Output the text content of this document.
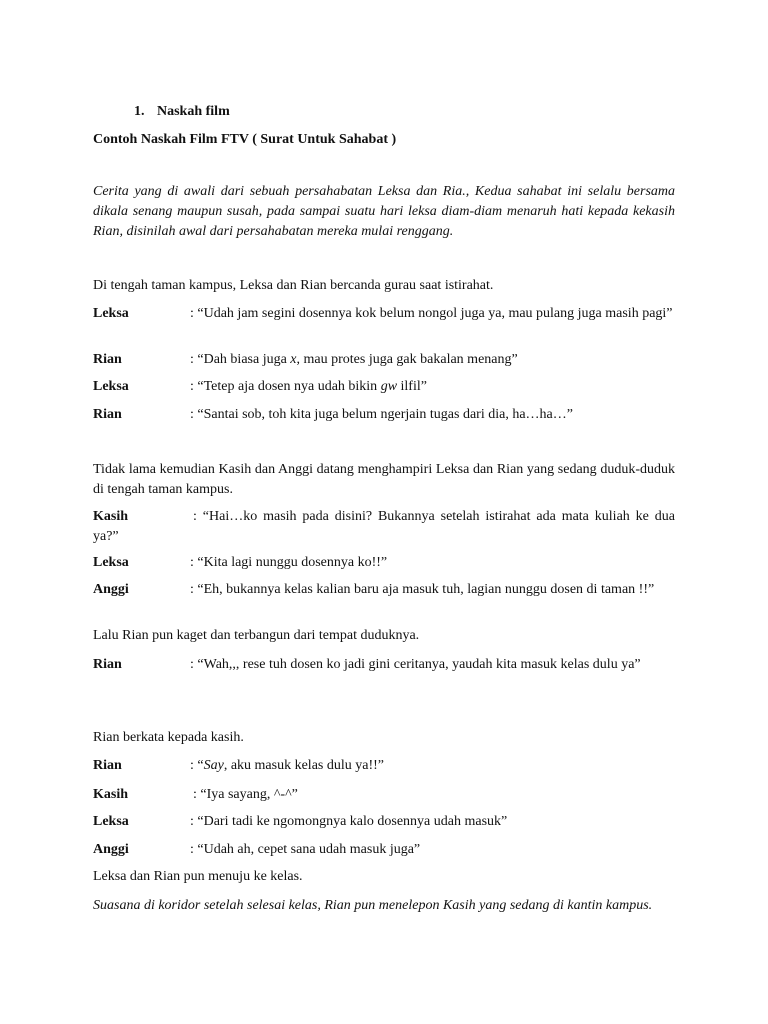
1. Naskah film

Contoh Naskah Film FTV ( Surat Untuk Sahabat )

Cerita yang di awali dari sebuah persahabatan Leksa dan Ria., Kedua sahabat ini selalu bersama dikala senang maupun susah, pada sampai suatu hari leksa diam-diam menaruh hati kepada kekasih Rian, disinilah awal dari persahabatan mereka mulai renggang.

Di tengah taman kampus, Leksa dan Rian bercanda gurau saat istirahat.

Leksa	: “Udah jam segini dosennya kok belum nongol juga ya, mau pulang juga masih pagi”

Rian	: “Dah biasa juga x, mau protes juga gak bakalan menang”

Leksa	: “Tetep aja dosen nya udah bikin gw ilfil”

Rian	: “Santai sob, toh kita juga belum ngerjain tugas dari dia, ha…ha…”

Tidak lama kemudian Kasih dan Anggi datang menghampiri Leksa dan Rian yang sedang duduk-duduk di tengah taman kampus.

Kasih	: “Hai…ko masih pada disini? Bukannya setelah istirahat ada mata kuliah ke dua ya?”

Leksa	: “Kita lagi nunggu dosennya ko!!”

Anggi	: “Eh, bukannya kelas kalian baru aja masuk tuh, lagian nunggu dosen di taman !!”

Lalu Rian pun kaget dan terbangun dari tempat duduknya.

Rian	: “Wah,,, rese tuh dosen ko jadi gini ceritanya, yaudah kita masuk kelas dulu ya”

Rian berkata kepada kasih.

Rian	: “Say, aku masuk kelas dulu ya!!”

Kasih	: “Iya sayang, ^-^”

Leksa	: “Dari tadi ke ngomongnya kalo dosennya udah masuk”

Anggi	: “Udah ah, cepet sana udah masuk juga”

Leksa dan Rian pun menuju ke kelas.

Suasana di koridor setelah selesai kelas, Rian pun menelepon Kasih yang sedang di kantin kampus.
